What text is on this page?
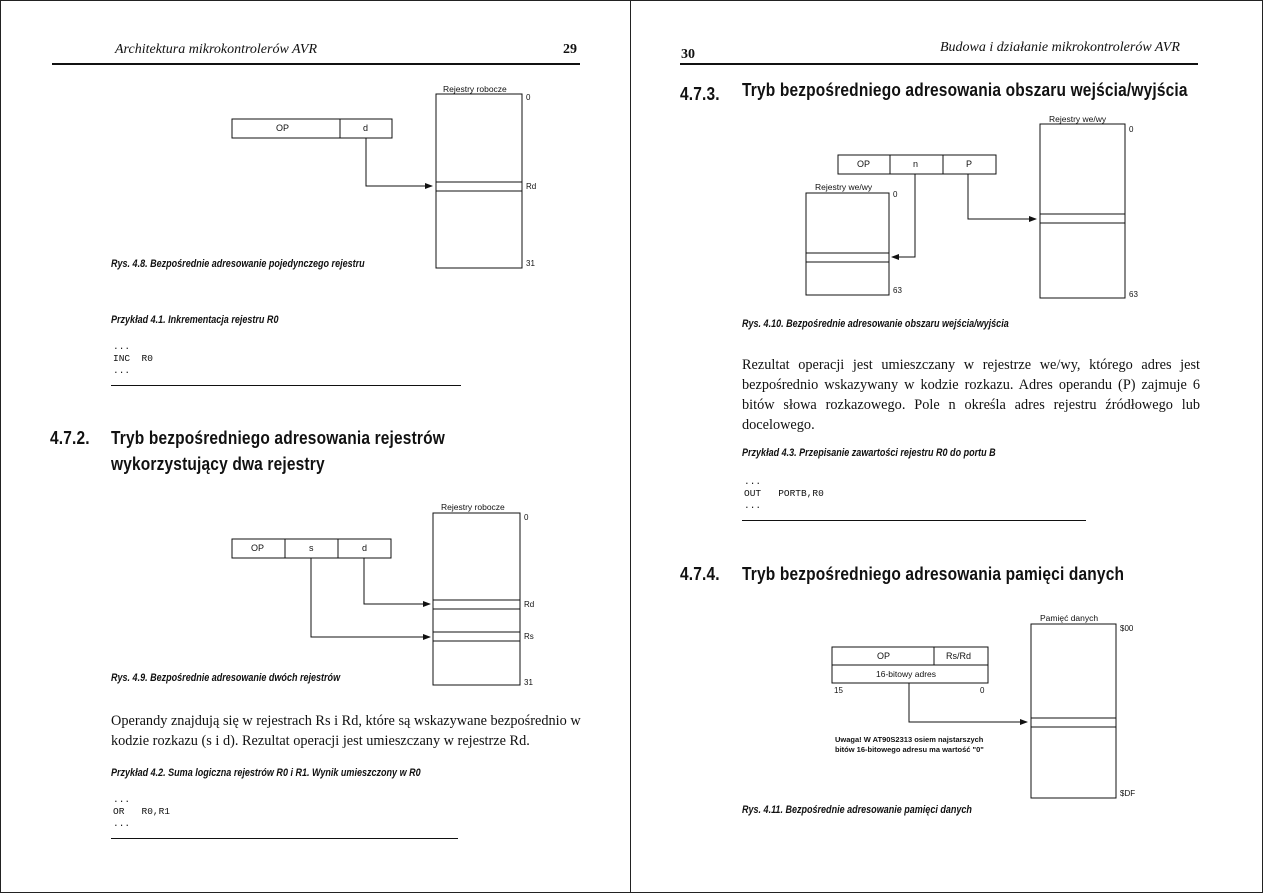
Architektura mikrokontrolerów AVR	29
Rejestry robocze
0
Rd
31
OP	d
Rys. 4.8. Bezpośrednie adresowanie pojedynczego rejestru
Przykład 4.1. Inkrementacja rejestru R0
...
INC  R0
...
4.7.2. Tryb bezpośredniego adresowania rejestrów
wykorzystujący dwa rejestry
Rejestry robocze
0
Rd
Rs
31
OP	s	d
Rys. 4.9. Bezpośrednie adresowanie dwóch rejestrów
Operandy znajdują się w rejestrach Rs i Rd, które są wskazywane bezpośrednio w kodzie rozkazu (s i d). Rezultat operacji jest umieszczany w rejestrze Rd.
Przykład 4.2. Suma logiczna rejestrów R0 i R1. Wynik umieszczony w R0
...
OR   R0,R1
...
30	Budowa i działanie mikrokontrolerów AVR
4.7.3. Tryb bezpośredniego adresowania obszaru wejścia/wyjścia
Rejestry we/wy
0
63
Rejestry we/wy
0
63
OP	n	P
Rys. 4.10. Bezpośrednie adresowanie obszaru wejścia/wyjścia
Rezultat operacji jest umieszczany w rejestrze we/wy, którego adres jest bezpośrednio wskazywany w kodzie rozkazu. Adres operandu (P) zajmuje 6 bitów słowa rozkazowego. Pole n określa adres rejestru źródłowego lub docelowego.
Przykład 4.3. Przepisanie zawartości rejestru R0 do portu B
...
OUT   PORTB,R0
...
4.7.4. Tryb bezpośredniego adresowania pamięci danych
Pamięć danych
$00
$DF
OP	Rs/Rd
16-bitowy adres
15	0
Uwaga! W AT90S2313 osiem najstarszych
bitów 16-bitowego adresu ma wartość "0"
Rys. 4.11. Bezpośrednie adresowanie pamięci danych
